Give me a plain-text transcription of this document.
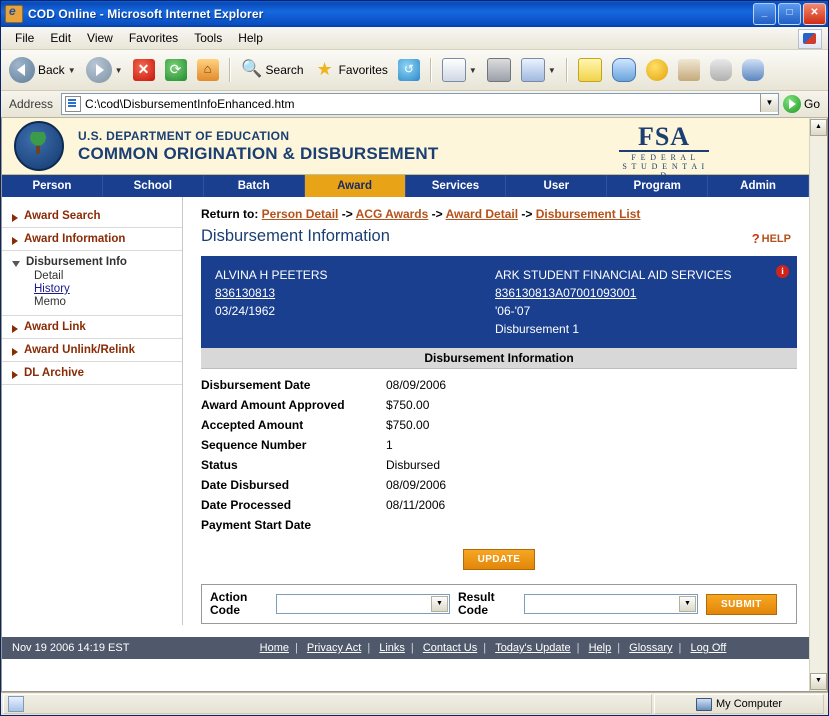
e
COD Online - Microsoft Internet Explorer	_	□	✕
File	Edit	View	Favorites	Tools	Help
Back ▼	▼	✕	⟳	⌂	🔍 Search ★ Favorites	↺	▼	▼
Address	C:\cod\DisbursementInfoEnhanced.htm	▼	Go
U.S. DEPARTMENT OF EDUCATION
COMMON ORIGINATION & DISBURSEMENT
FSA
F E D E R A L
S T U D E N T A I D
Person	School	Batch	Award	Services	User	Program	Admin
Award Search
Award Information
Disbursement Info
Detail
History
Memo
Award Link
Award Unlink/Relink
DL Archive
Return to: Person Detail -> ACG Awards -> Award Detail -> Disbursement List
Disbursement Information	? HELP
ALVINA H PEETERS
836130813
03/24/1962
ARK STUDENT FINANCIAL AID SERVICES
836130813A07001093001
'06-'07
Disbursement 1
i
Disbursement Information
Disbursement Date	08/09/2006
Award Amount Approved	$750.00
Accepted Amount	$750.00
Sequence Number	1
Status	Disbursed
Date Disbursed	08/09/2006
Date Processed	08/11/2006
Payment Start Date	
UPDATE
Action Code	▼	Result Code	▼	SUBMIT
Nov 19 2006 14:19 EST	Home | Privacy Act | Links | Contact Us | Today's Update | Help | Glossary | Log Off
▲
▼
My Computer
